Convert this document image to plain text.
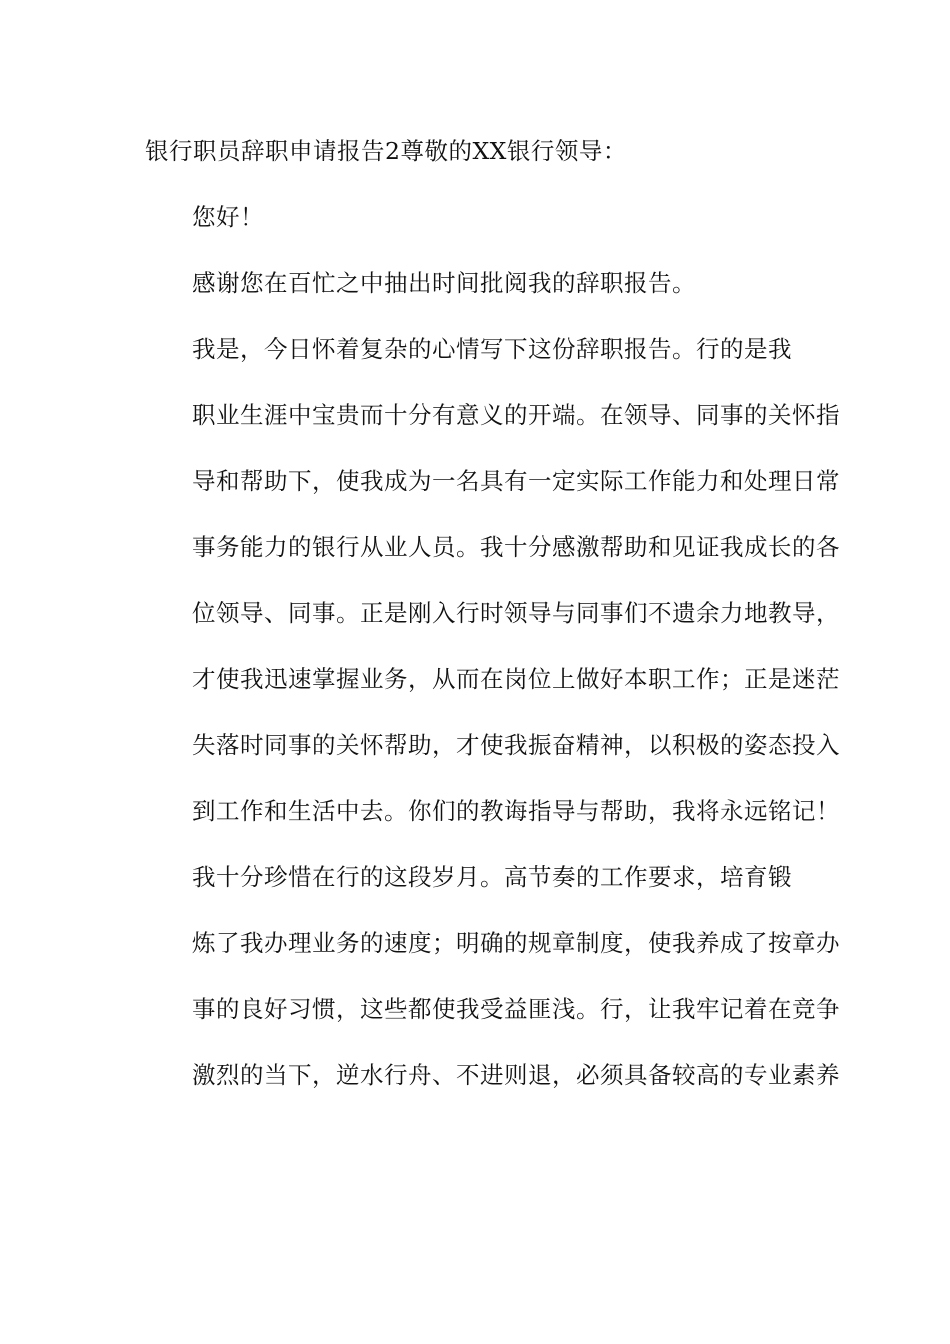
银行职员辞职申请报告2尊敬的XX银行领导：

您好！

感谢您在百忙之中抽出时间批阅我的辞职报告。

我是，今日怀着复杂的心情写下这份辞职报告。行的是我
职业生涯中宝贵而十分有意义的开端。在领导、同事的关怀指
导和帮助下，使我成为一名具有一定实际工作能力和处理日常
事务能力的银行从业人员。我十分感激帮助和见证我成长的各
位领导、同事。正是刚入行时领导与同事们不遗余力地教导，
才使我迅速掌握业务，从而在岗位上做好本职工作；正是迷茫
失落时同事的关怀帮助，才使我振奋精神，以积极的姿态投入
到工作和生活中去。你们的教诲指导与帮助，我将永远铭记！

我十分珍惜在行的这段岁月。高节奏的工作要求，培育锻
炼了我办理业务的速度；明确的规章制度，使我养成了按章办
事的良好习惯，这些都使我受益匪浅。行，让我牢记着在竞争
激烈的当下，逆水行舟、不进则退，必须具备较高的专业素养
